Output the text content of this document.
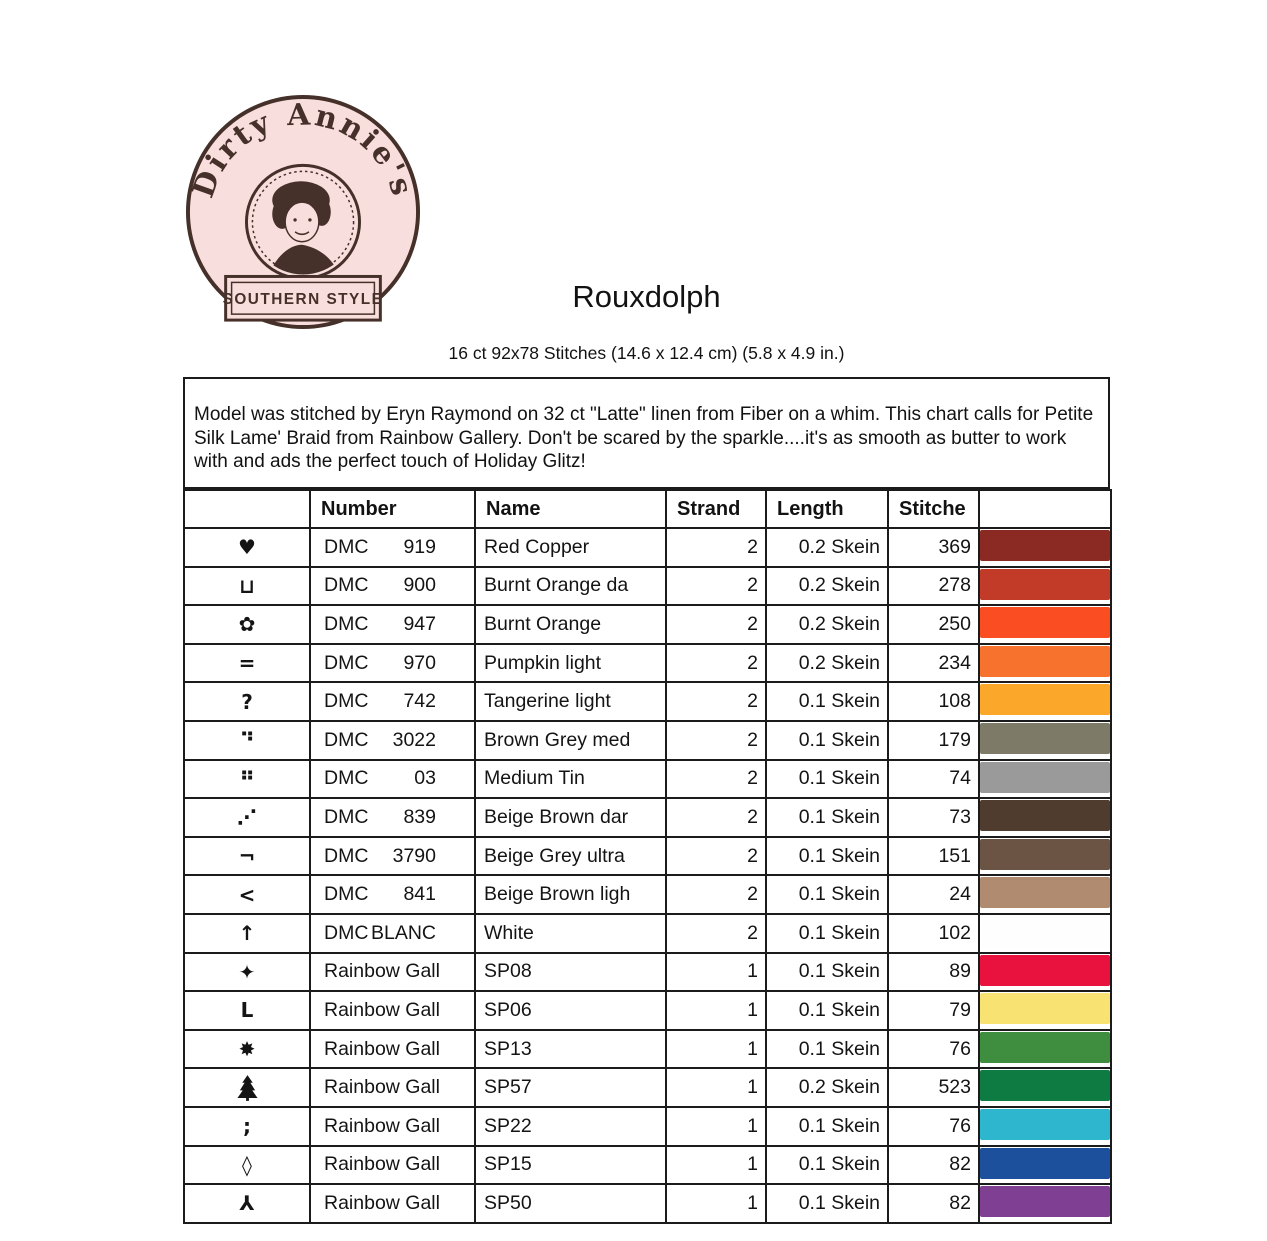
Dirty Annie's
SOUTHERN STYLE	Rouxdolph
16 ct 92x78 Stitches (14.6 x 12.4 cm) (5.8 x 4.9 in.)
Model was stitched by Eryn Raymond on 32 ct "Latte" linen from Fiber on a whim. This chart calls for Petite Silk Lame' Braid from Rainbow Gallery. Don't be scared by the sparkle....it's as smooth as butter to work with and ads the perfect touch of Holiday Glitz!
	Number	Name	Strand	Length	Stitche	
♥	DMC 919	Red Copper	2	0.2 Skein	369	

⊔	DMC 900	Burnt Orange da	2	0.2 Skein	278	

✿	DMC 947	Burnt Orange	2	0.2 Skein	250	

=	DMC 970	Pumpkin light	2	0.2 Skein	234	

?	DMC 742	Tangerine light	2	0.1 Skein	108	

⠙	DMC 3022	Brown Grey med	2	0.1 Skein	179	

⠛	DMC 03	Medium Tin	2	0.1 Skein	74	

⋰	DMC 839	Beige Brown dar	2	0.1 Skein	73	

¬	DMC 3790	Beige Grey ultra	2	0.1 Skein	151	

<	DMC 841	Beige Brown ligh	2	0.1 Skein	24	

↑	DMC BLANC	White	2	0.1 Skein	102	

✦	Rainbow Gall	SP08	1	0.1 Skein	89	

L	Rainbow Gall	SP06	1	0.1 Skein	79	

✸	Rainbow Gall	SP13	1	0.1 Skein	76	

	Rainbow Gall	SP57	1	0.2 Skein	523	

;	Rainbow Gall	SP22	1	0.1 Skein	76	

◊	Rainbow Gall	SP15	1	0.1 Skein	82	

⅄	Rainbow Gall	SP50	1	0.1 Skein	82	
